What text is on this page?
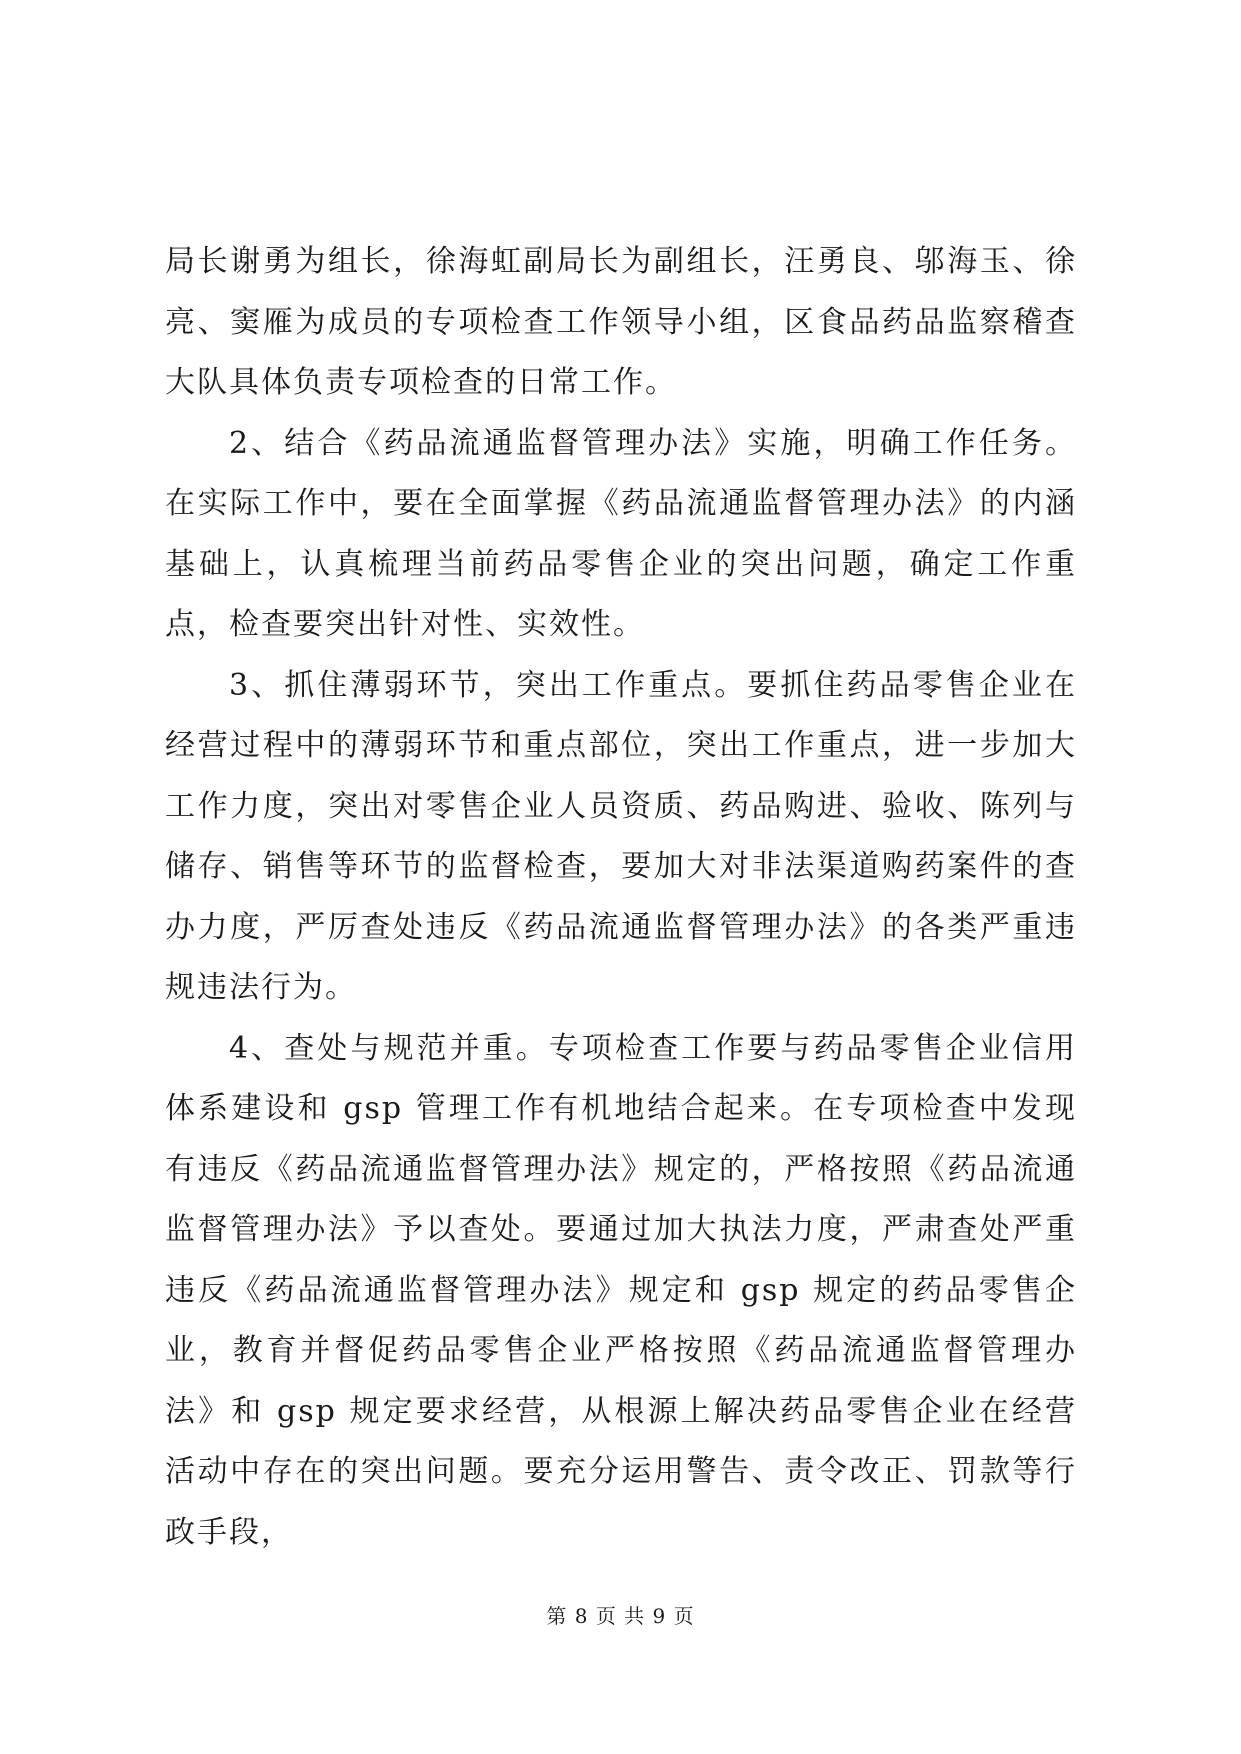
局长谢勇为组长，徐海虹副局长为副组长，汪勇良、邬海玉、徐亮、窦雁为成员的专项检查工作领导小组，区食品药品监察稽查大队具体负责专项检查的日常工作。

2、结合《药品流通监督管理办法》实施，明确工作任务。在实际工作中，要在全面掌握《药品流通监督管理办法》的内涵基础上，认真梳理当前药品零售企业的突出问题，确定工作重点，检查要突出针对性、实效性。

3、抓住薄弱环节，突出工作重点。要抓住药品零售企业在经营过程中的薄弱环节和重点部位，突出工作重点，进一步加大工作力度，突出对零售企业人员资质、药品购进、验收、陈列与储存、销售等环节的监督检查，要加大对非法渠道购药案件的查办力度，严厉查处违反《药品流通监督管理办法》的各类严重违规违法行为。

4、查处与规范并重。专项检查工作要与药品零售企业信用体系建设和 gsp 管理工作有机地结合起来。在专项检查中发现有违反《药品流通监督管理办法》规定的，严格按照《药品流通监督管理办法》予以查处。要通过加大执法力度，严肃查处严重违反《药品流通监督管理办法》规定和 gsp 规定的药品零售企业，教育并督促药品零售企业严格按照《药品流通监督管理办法》和 gsp 规定要求经营，从根源上解决药品零售企业在经营活动中存在的突出问题。要充分运用警告、责令改正、罚款等行政手段，

第 8 页 共 9 页
